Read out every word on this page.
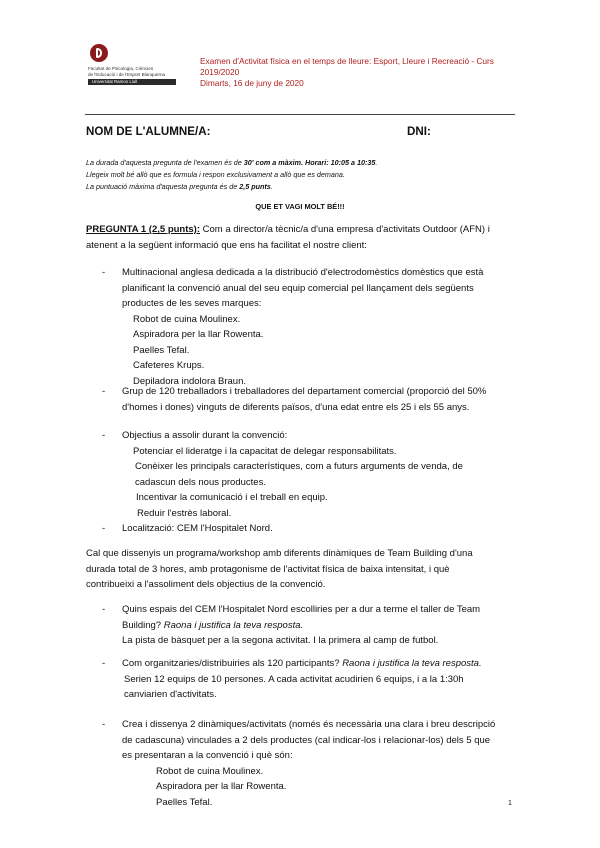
Facultat de Psicologia, Ciències
de l'Educació i de l'Esport Blanquerna
Universitat Ramon Llull
Examen d'Activitat física en el temps de lleure: Esport, Lleure i Recreació - Curs
2019/2020
Dimarts, 16 de juny de 2020
NOM DE L'ALUMNE/A:	DNI:
La durada d'aquesta pregunta de l'examen és de 30' com a màxim. Horari: 10:05 a 10:35.
Llegeix molt bé allò que es formula i respon exclusivament a allò que es demana.
La puntuació màxima d'aquesta pregunta és de 2,5 punts.
QUE ET VAGI MOLT BÉ!!!
PREGUNTA 1 (2,5 punts): Com a director/a tècnic/a d'una empresa d'activitats Outdoor (AFN) i
atenent a la següent informació que ens ha facilitat el nostre client:
- Multinacional anglesa dedicada a la distribució d'electrodomèstics domèstics que està
planificant la convenció anual del seu equip comercial pel llançament dels següents
productes de les seves marques:
Robot de cuina Moulinex.
Aspiradora per la llar Rowenta.
Paelles Tefal.
Cafeteres Krups.
Depiladora indolora Braun.
- Grup de 120 treballadors i treballadores del departament comercial (proporció del 50%
d'homes i dones) vinguts de diferents països, d'una edat entre els 25 i els 55 anys.
- Objectius a assolir durant la convenció:
Potenciar el lideratge i la capacitat de delegar responsabilitats.
Conèixer les principals característiques, com a futurs arguments de venda, de
cadascun dels nous productes.
Incentivar la comunicació i el treball en equip.
Reduir l'estrès laboral.
- Localització: CEM l'Hospitalet Nord.
Cal que dissenyis un programa/workshop amb diferents dinàmiques de Team Building d'una
durada total de 3 hores, amb protagonisme de l'activitat física de baixa intensitat, i què
contribueixi a l'assoliment dels objectius de la convenció.
- Quins espais del CEM l'Hospitalet Nord escolliries per a dur a terme el taller de Team
Building? Raona i justifica la teva resposta.
La pista de bàsquet per a la segona activitat. I la primera al camp de futbol.
- Com organitzaries/distribuiries als 120 participants? Raona i justifica la teva resposta.
Serien 12 equips de 10 persones. A cada activitat acudirien 6 equips, i a la 1:30h
canviarien d'activitats.
- Crea i dissenya 2 dinàmiques/activitats (només és necessària una clara i breu descripció
de cadascuna) vinculades a 2 dels productes (cal indicar-los i relacionar-los) dels 5 que
es presentaran a la convenció i què són:
Robot de cuina Moulinex.
Aspiradora per la llar Rowenta.
Paelles Tefal.	1
